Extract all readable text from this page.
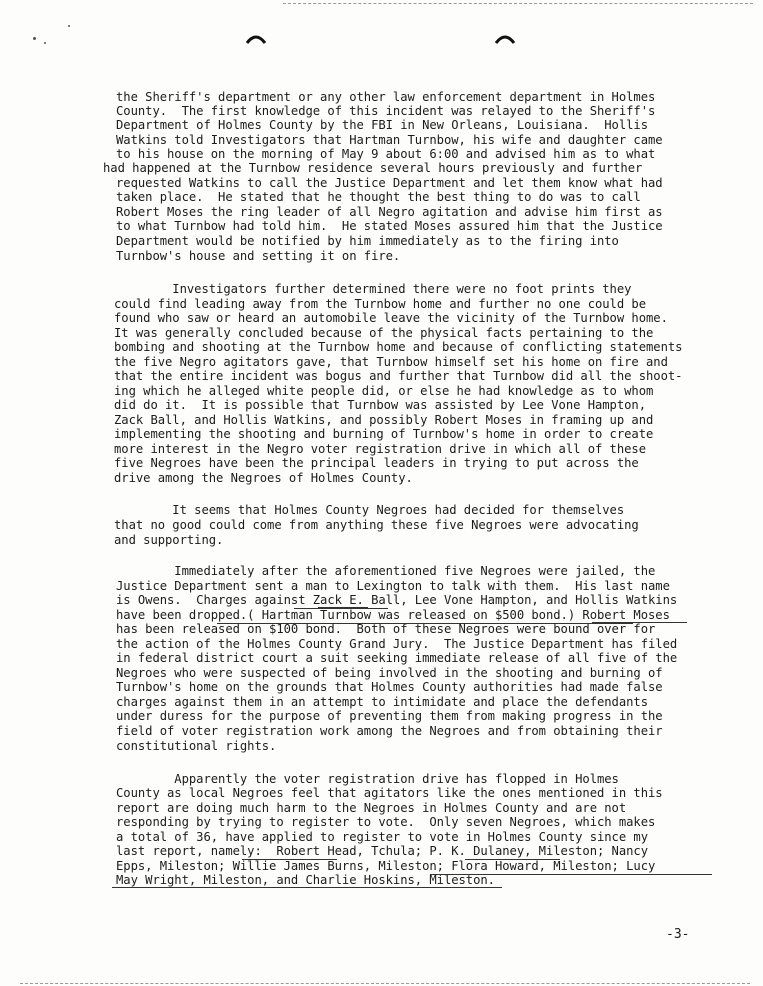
the Sheriff's department or any other law enforcement department in Holmes
County.  The first knowledge of this incident was relayed to the Sheriff's
Department of Holmes County by the FBI in New Orleans, Louisiana.  Hollis
Watkins told Investigators that Hartman Turnbow, his wife and daughter came
to his house on the morning of May 9 about 6:00 and advised him as to what
had happened at the Turnbow residence several hours previously and further
requested Watkins to call the Justice Department and let them know what had
taken place.  He stated that he thought the best thing to do was to call
Robert Moses the ring leader of all Negro agitation and advise him first as
to what Turnbow had told him.  He stated Moses assured him that the Justice
Department would be notified by him immediately as to the firing into
Turnbow's house and setting it on fire.
Investigators further determined there were no foot prints they
could find leading away from the Turnbow home and further no one could be
found who saw or heard an automobile leave the vicinity of the Turnbow home.
It was generally concluded because of the physical facts pertaining to the
bombing and shooting at the Turnbow home and because of conflicting statements
the five Negro agitators gave, that Turnbow himself set his home on fire and
that the entire incident was bogus and further that Turnbow did all the shoot-
ing which he alleged white people did, or else he had knowledge as to whom
did do it.  It is possible that Turnbow was assisted by Lee Vone Hampton,
Zack Ball, and Hollis Watkins, and possibly Robert Moses in framing up and
implementing the shooting and burning of Turnbow's home in order to create
more interest in the Negro voter registration drive in which all of these
five Negroes have been the principal leaders in trying to put across the
drive among the Negroes of Holmes County.
It seems that Holmes County Negroes had decided for themselves
that no good could come from anything these five Negroes were advocating
and supporting.
Immediately after the aforementioned five Negroes were jailed, the
Justice Department sent a man to Lexington to talk with them.  His last name
is Owens.  Charges against Zack E. Ball, Lee Vone Hampton, and Hollis Watkins
have been dropped.( Hartman Turnbow was released on $500 bond.) Robert Moses
has been released on $100 bond.  Both of these Negroes were bound over for
the action of the Holmes County Grand Jury.  The Justice Department has filed
in federal district court a suit seeking immediate release of all five of the
Negroes who were suspected of being involved in the shooting and burning of
Turnbow's home on the grounds that Holmes County authorities had made false
charges against them in an attempt to intimidate and place the defendants
under duress for the purpose of preventing them from making progress in the
field of voter registration work among the Negroes and from obtaining their
constitutional rights.
Apparently the voter registration drive has flopped in Holmes
County as local Negroes feel that agitators like the ones mentioned in this
report are doing much harm to the Negroes in Holmes County and are not
responding by trying to register to vote.  Only seven Negroes, which makes
a total of 36, have applied to register to vote in Holmes County since my
last report, namely:  Robert Head, Tchula; P. K. Dulaney, Mileston; Nancy
Epps, Mileston; Willie James Burns, Mileston; Flora Howard, Mileston; Lucy
May Wright, Mileston, and Charlie Hoskins, Mileston.
-3-
